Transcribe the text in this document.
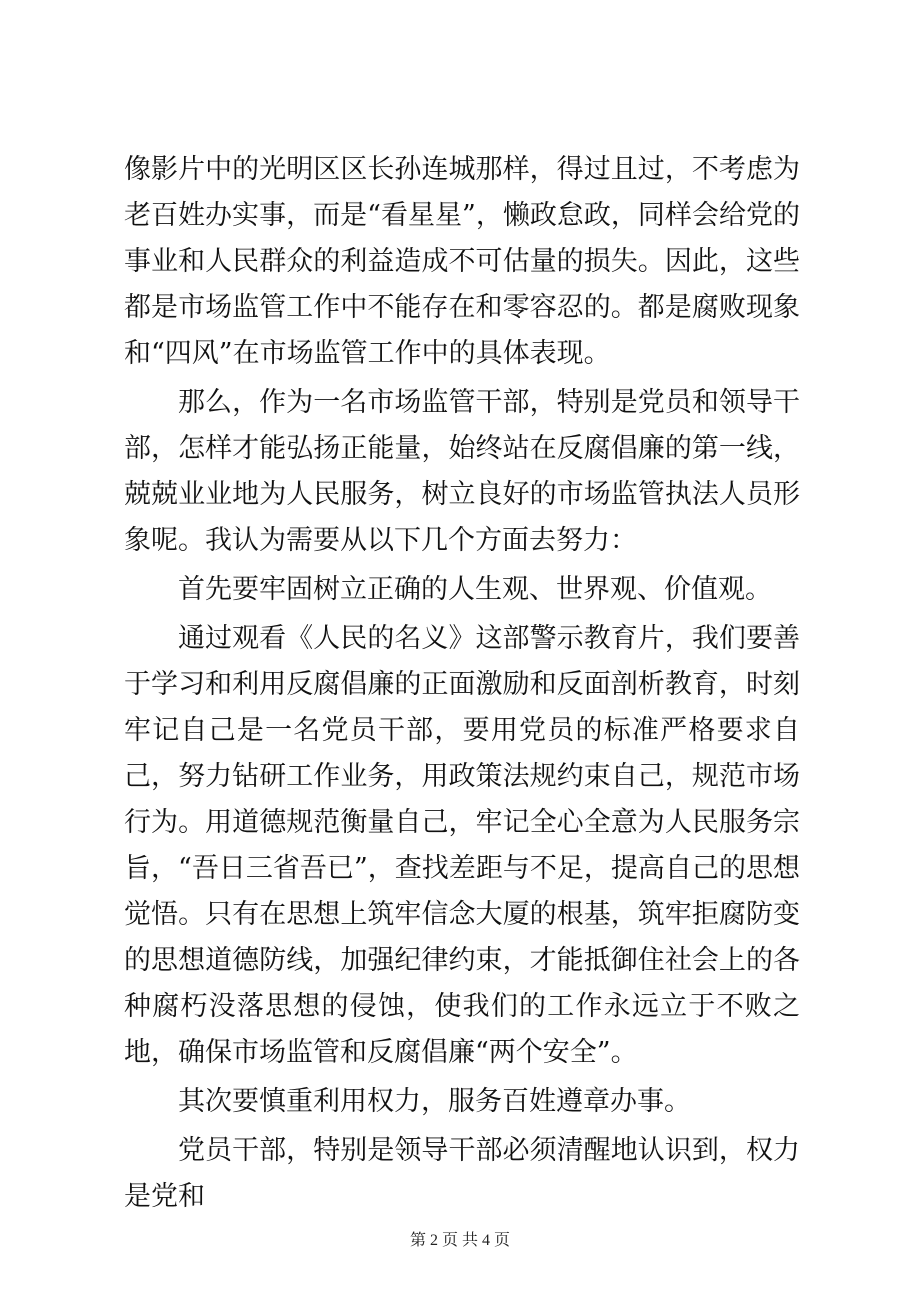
像影片中的光明区区长孙连城那样，得过且过，不考虑为老百姓办实事，而是“看星星”，懒政怠政，同样会给党的事业和人民群众的利益造成不可估量的损失。因此，这些都是市场监管工作中不能存在和零容忍的。都是腐败现象和“四风”在市场监管工作中的具体表现。

那么，作为一名市场监管干部，特别是党员和领导干部，怎样才能弘扬正能量，始终站在反腐倡廉的第一线，兢兢业业地为人民服务，树立良好的市场监管执法人员形象呢。我认为需要从以下几个方面去努力：

首先要牢固树立正确的人生观、世界观、价值观。

通过观看《人民的名义》这部警示教育片，我们要善于学习和利用反腐倡廉的正面激励和反面剖析教育，时刻牢记自己是一名党员干部，要用党员的标准严格要求自己，努力钻研工作业务，用政策法规约束自己，规范市场行为。用道德规范衡量自己，牢记全心全意为人民服务宗旨，“吾日三省吾已”，查找差距与不足，提高自己的思想觉悟。只有在思想上筑牢信念大厦的根基，筑牢拒腐防变的思想道德防线，加强纪律约束，才能抵御住社会上的各种腐朽没落思想的侵蚀，使我们的工作永远立于不败之地，确保市场监管和反腐倡廉“两个安全”。

其次要慎重利用权力，服务百姓遵章办事。

党员干部，特别是领导干部必须清醒地认识到，权力是党和

第 2 页 共 4 页
